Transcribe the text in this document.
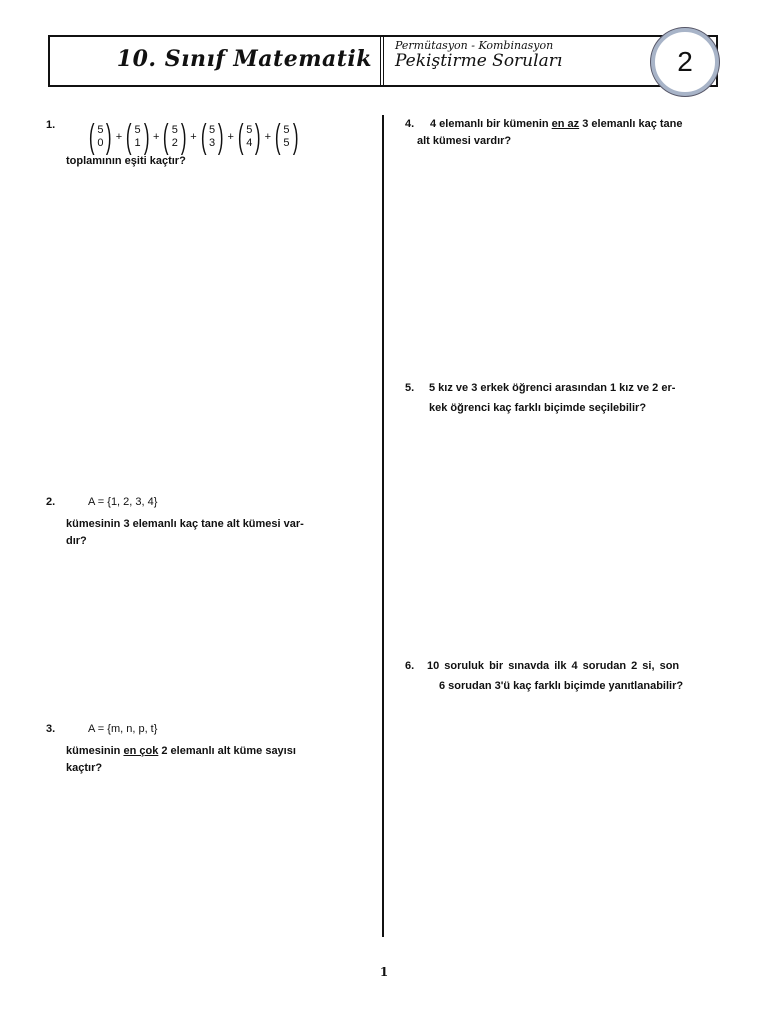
10. Sınıf Matematik
Permütasyon - Kombinasyon
Pekiştirme Soruları	2
1. ( 5
0 ) + ( 5
1 ) + ( 5
2 ) + ( 5
3 ) + ( 5
4 ) + ( 5
5 )
toplamının eşiti kaçtır?
2.	A = {1, 2, 3, 4}
kümesinin 3 elemanlı kaç tane alt kümesi var-
dır?
3.	A = {m, n, p, t}
kümesinin en çok 2 elemanlı alt küme sayısı
kaçtır?
4. 4 elemanlı bir kümenin en az 3 elemanlı kaç tane
alt kümesi vardır?
5. 5 kız ve 3 erkek öğrenci arasından 1 kız ve 2 er-
kek öğrenci kaç farklı biçimde seçilebilir?
6. 10 soruluk bir sınavda ilk 4 sorudan 2 si, son
6 sorudan 3'ü kaç farklı biçimde yanıtlanabilir?
1
